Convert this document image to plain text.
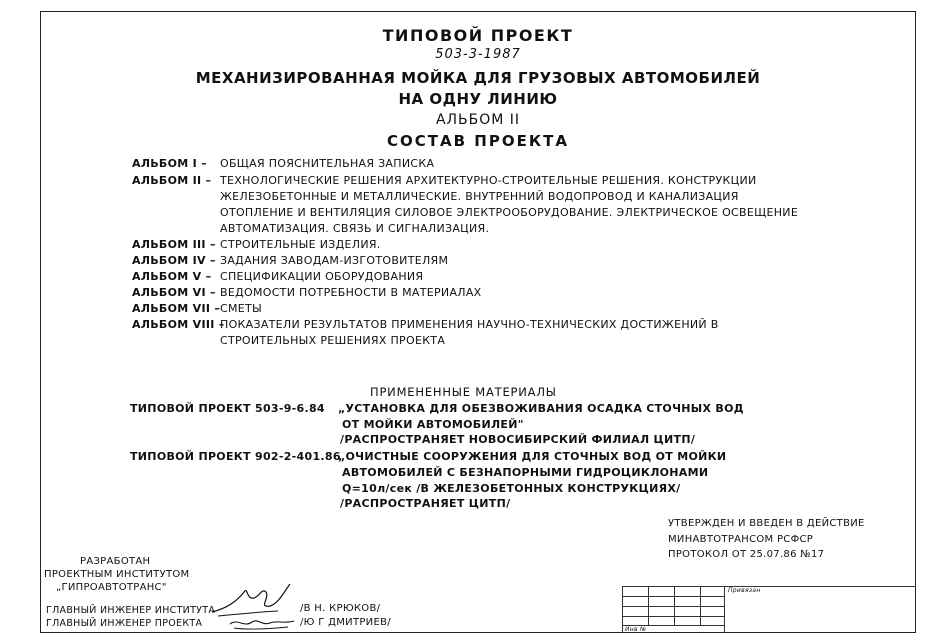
ТИПОВОЙ ПРОЕКТ
503-3-1987
МЕХАНИЗИРОВАННАЯ МОЙКА ДЛЯ ГРУЗОВЫХ АВТОМОБИЛЕЙ
НА ОДНУ ЛИНИЮ
АЛЬБОМ II
СОСТАВ ПРОЕКТА
АЛЬБОМ I – ОБЩАЯ ПОЯСНИТЕЛЬНАЯ ЗАПИСКА
АЛЬБОМ II – ТЕХНОЛОГИЧЕСКИЕ РЕШЕНИЯ АРХИТЕКТУРНО-СТРОИТЕЛЬНЫЕ РЕШЕНИЯ. КОНСТРУКЦИИ
ЖЕЛЕЗОБЕТОННЫЕ И МЕТАЛЛИЧЕСКИЕ. ВНУТРЕННИЙ ВОДОПРОВОД И КАНАЛИЗАЦИЯ
ОТОПЛЕНИЕ И ВЕНТИЛЯЦИЯ СИЛОВОЕ ЭЛЕКТРООБОРУДОВАНИЕ. ЭЛЕКТРИЧЕСКОЕ ОСВЕЩЕНИЕ
АВТОМАТИЗАЦИЯ. СВЯЗЬ И СИГНАЛИЗАЦИЯ.
АЛЬБОМ III – СТРОИТЕЛЬНЫЕ ИЗДЕЛИЯ.
АЛЬБОМ IV – ЗАДАНИЯ ЗАВОДАМ-ИЗГОТОВИТЕЛЯМ
АЛЬБОМ V – СПЕЦИФИКАЦИИ ОБОРУДОВАНИЯ
АЛЬБОМ VI – ВЕДОМОСТИ ПОТРЕБНОСТИ В МАТЕРИАЛАХ
АЛЬБОМ VII – СМЕТЫ
АЛЬБОМ VIII –
ПОКАЗАТЕЛИ РЕЗУЛЬТАТОВ ПРИМЕНЕНИЯ НАУЧНО-ТЕХНИЧЕСКИХ ДОСТИЖЕНИЙ В
СТРОИТЕЛЬНЫХ РЕШЕНИЯХ ПРОЕКТА
ПРИМЕНЕННЫЕ МАТЕРИАЛЫ
ТИПОВОЙ ПРОЕКТ 503-9-6.84 „УСТАНОВКА ДЛЯ ОБЕЗВОЖИВАНИЯ ОСАДКА СТОЧНЫХ ВОД
ОТ МОЙКИ АВТОМОБИЛЕЙ"
/РАСПРОСТРАНЯЕТ НОВОСИБИРСКИЙ ФИЛИАЛ ЦИТП/
ТИПОВОЙ ПРОЕКТ 902-2-401.86
„ОЧИСТНЫЕ СООРУЖЕНИЯ ДЛЯ СТОЧНЫХ ВОД ОТ МОЙКИ
АВТОМОБИЛЕЙ С БЕЗНАПОРНЫМИ ГИДРОЦИКЛОНАМИ
Q=10л/сек /В ЖЕЛЕЗОБЕТОННЫХ КОНСТРУКЦИЯХ/
/РАСПРОСТРАНЯЕТ ЦИТП/
УТВЕРЖДЕН И ВВЕДЕН В ДЕЙСТВИЕ
МИНАВТОТРАНСОМ РСФСР
ПРОТОКОЛ ОТ 25.07.86 №17
РАЗРАБОТАН
ПРОЕКТНЫМ ИНСТИТУТОМ
„ГИПРОАВТОТРАНС"
ГЛАВНЫЙ ИНЖЕНЕР ИНСТИТУТА
ГЛАВНЫЙ ИНЖЕНЕР ПРОЕКТА
/В Н. КРЮКОВ/
/Ю Г ДМИТРИЕВ/
Привязан
Инв №
